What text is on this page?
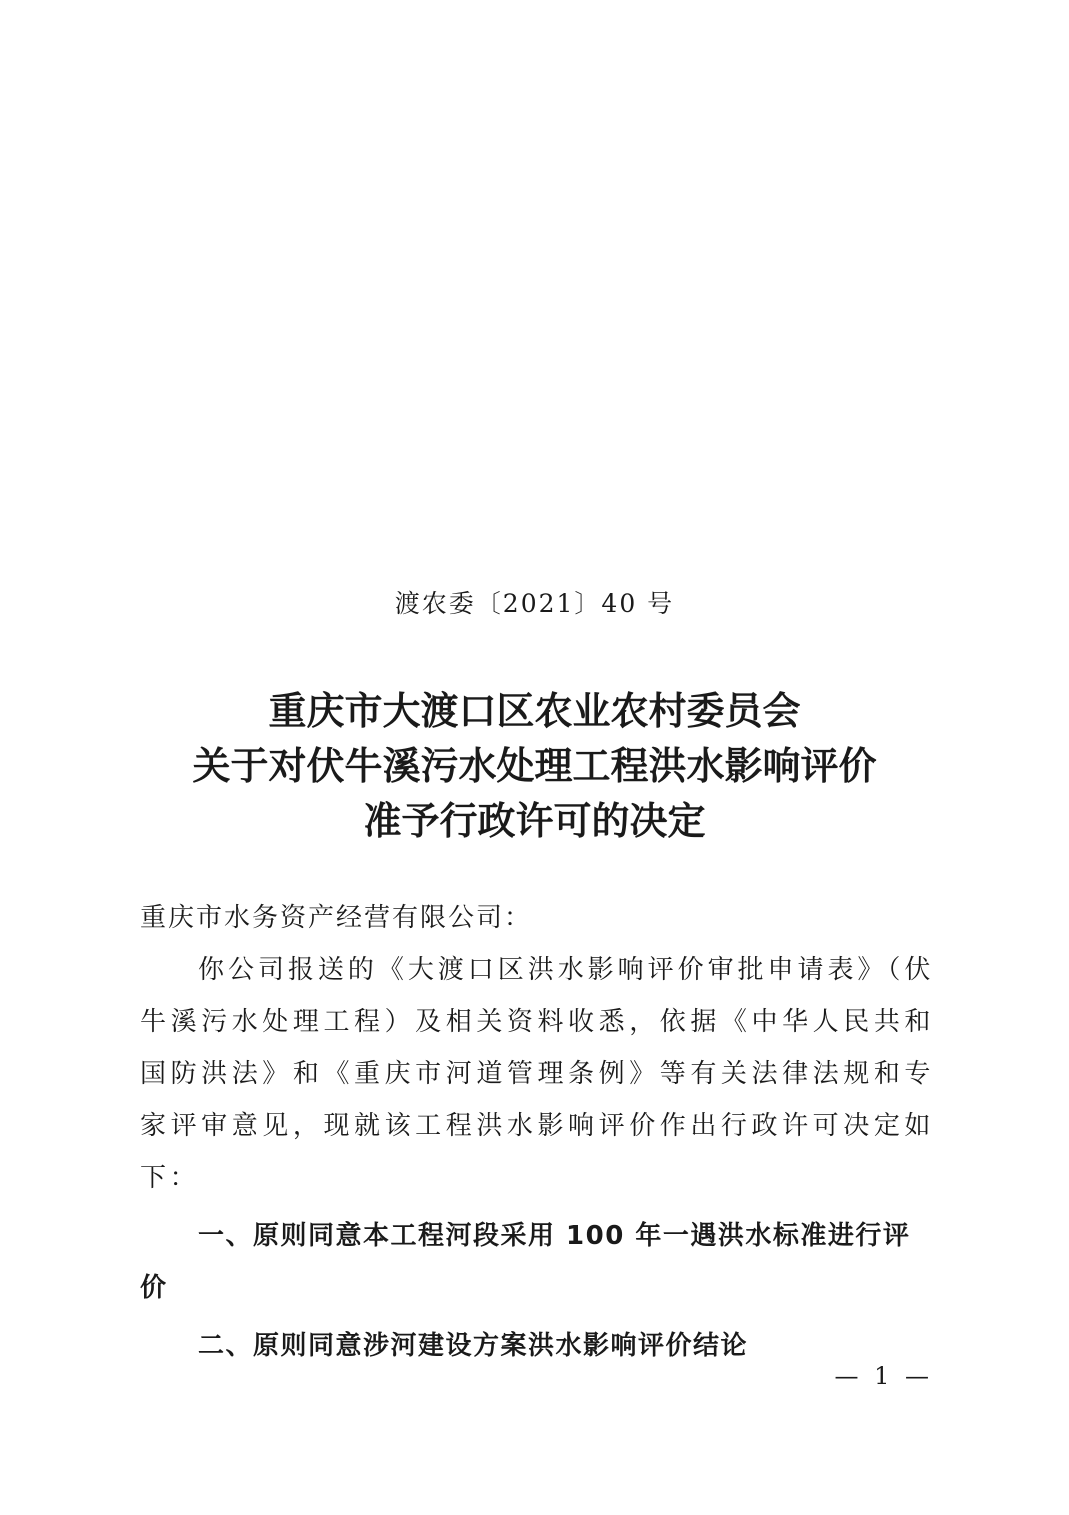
渡农委〔2021〕40 号
重庆市大渡口区农业农村委员会
关于对伏牛溪污水处理工程洪水影响评价
准予行政许可的决定
重庆市水务资产经营有限公司：
你公司报送的《大渡口区洪水影响评价审批申请表》（伏牛溪污水处理工程）及相关资料收悉，依据《中华人民共和国防洪法》和《重庆市河道管理条例》等有关法律法规和专家评审意见，现就该工程洪水影响评价作出行政许可决定如下：
一、原则同意本工程河段采用 100 年一遇洪水标准进行评价
二、原则同意涉河建设方案洪水影响评价结论
— 1 —
